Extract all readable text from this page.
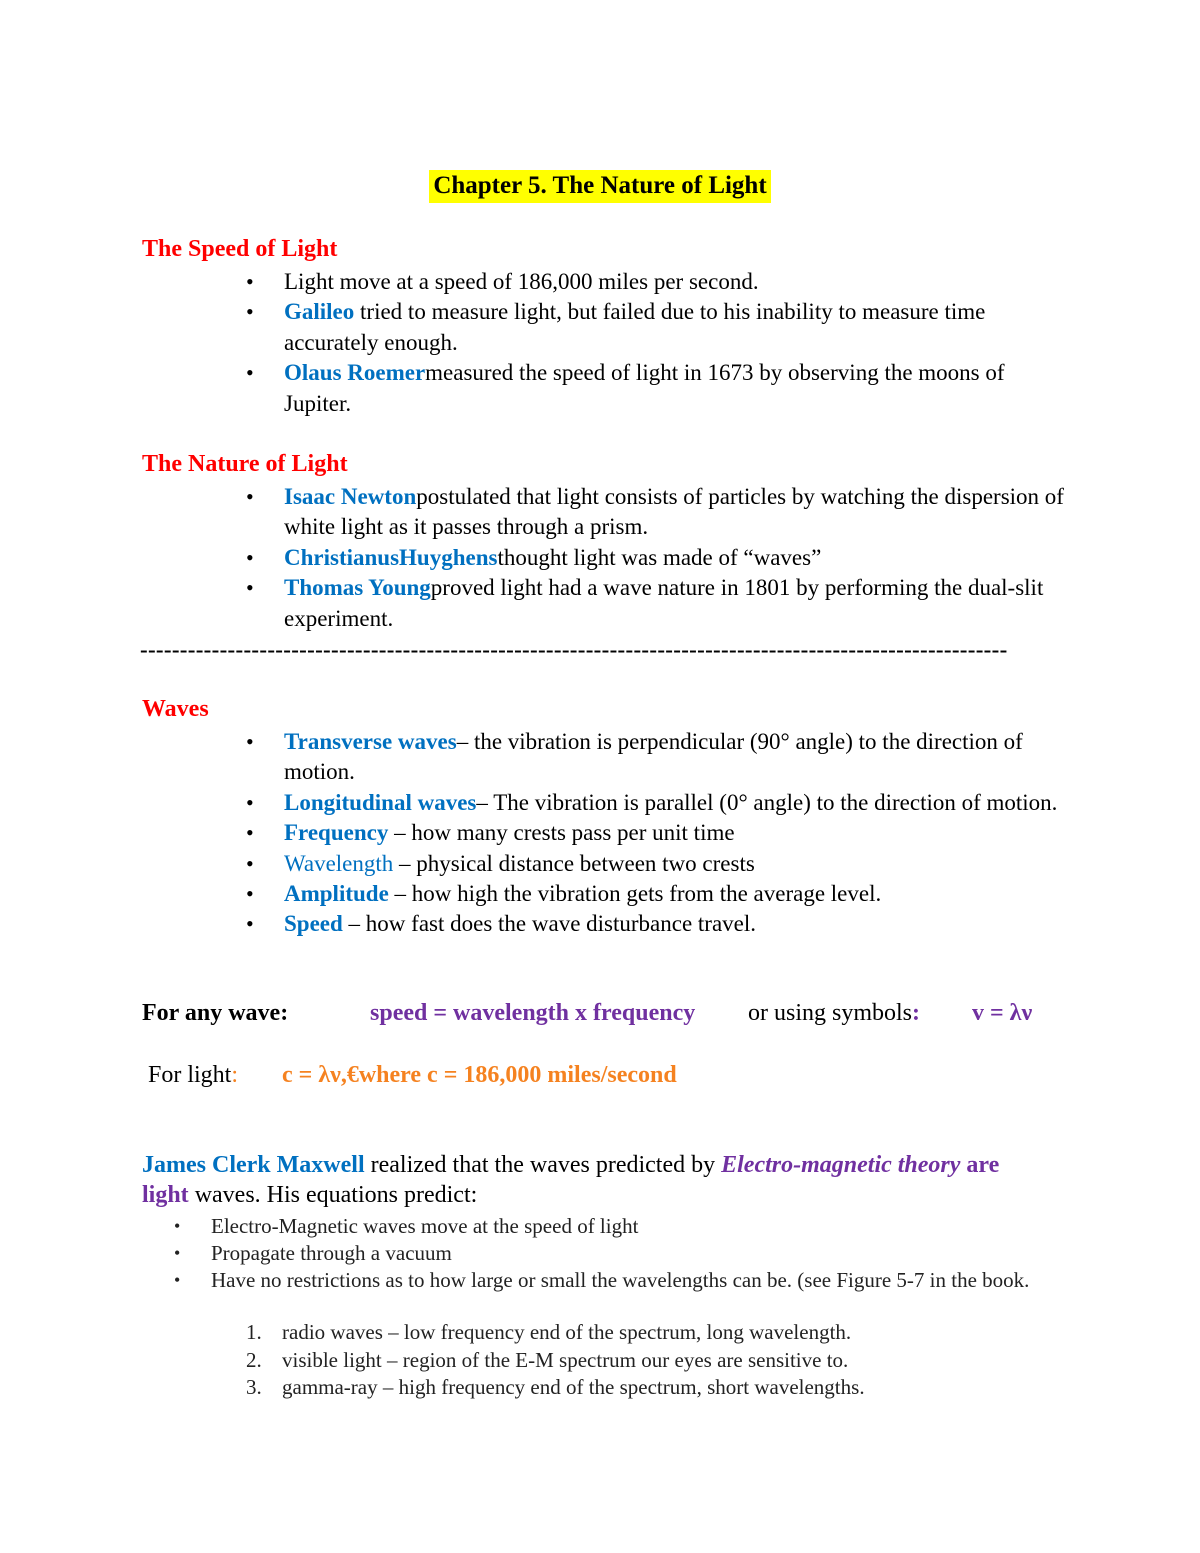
Chapter 5. The Nature of Light
The Speed of Light
• Light move at a speed of 186,000 miles per second.
• Galileo tried to measure light, but failed due to his inability to measure time accurately enough.
• Olaus Roemermeasured the speed of light in 1673 by observing the moons of Jupiter.
The Nature of Light
• Isaac Newtonpostulated that light consists of particles by watching the dispersion of white light as it passes through a prism.
• ChristianusHuyghensthought light was made of “waves”
• Thomas Youngproved light had a wave nature in 1801 by performing the dual-slit experiment.
-------------------------------------------------------------------------------------------------------------
Waves
• Transverse waves– the vibration is perpendicular (90° angle) to the direction of motion.
• Longitudinal waves– The vibration is parallel (0° angle) to the direction of motion.
• Frequency – how many crests pass per unit time
• Wavelength – physical distance between two crests
• Amplitude – how high the vibration gets from the average level.
• Speed – how fast does the wave disturbance travel.
For any wave:	speed = wavelength x frequency or using symbols: v = λν
For light: c = λν,€where c = 186,000 miles/second
James Clerk Maxwell realized that the waves predicted by Electro-magnetic theory are light waves. His equations predict:
• Electro-Magnetic waves move at the speed of light
• Propagate through a vacuum
• Have no restrictions as to how large or small the wavelengths can be. (see Figure 5-7 in the book.
1. radio waves – low frequency end of the spectrum, long wavelength.
2. visible light – region of the E-M spectrum our eyes are sensitive to.
3. gamma-ray – high frequency end of the spectrum, short wavelengths.
